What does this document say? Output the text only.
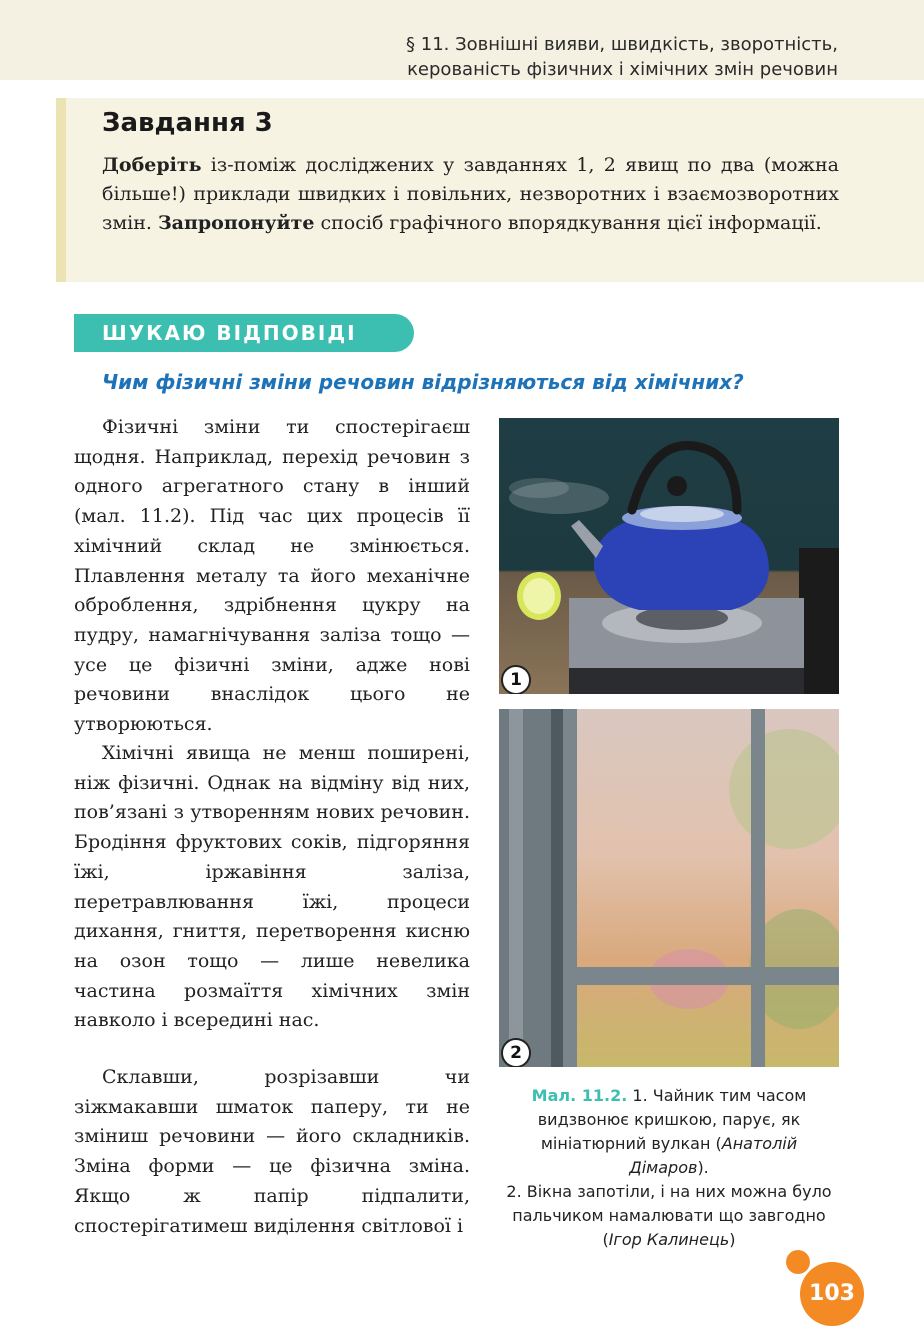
§ 11. Зовнішні вияви, швидкість, зворотність,
керованість фізичних і хімічних змін речовин
Завдання 3
Доберіть із-поміж досліджених у завданнях 1, 2 явищ по два (можна більше!) приклади швидких і повільних, незворотних і взаємозворотних змін. Запропонуйте спосіб графічного впорядкування цієї інформації.
ШУКАЮ ВІДПОВІДІ
Чим фізичні зміни речовин відрізняються від хімічних?

Фізичні зміни ти спостерігаєш щодня. Наприклад, перехід речовин з одного агрегатного стану в інший (мал. 11.2). Під час цих процесів її хімічний склад не змінюється. Плавлення металу та його механічне оброблення, здрібнення цукру на пудру, намагнічування заліза тощо — усе це фізичні зміни, адже нові речовини внаслідок цього не утворюються.

Хімічні явища не менш поширені, ніж фізичні. Однак на відміну від них, пов’язані з утворенням нових речовин. Бродіння фруктових соків, підгоряння їжі, іржавіння заліза, перетравлювання їжі, процеси дихання, гниття, перетворення кисню на озон тощо — лише невелика частина розмаїття хімічних змін навколо і всередині нас.

Склавши, розрізавши чи зіжмакавши шматок паперу, ти не зміниш речовини — його складників. Зміна форми — це фізична зміна. Якщо ж папір підпалити, спостерігатимеш виділення світлової і

1
2
Мал. 11.2. 1. Чайник тим часом видзвонює кришкою, парує, як мініатюрний вулкан (Анатолій Дімаров).
2. Вікна запотіли, і на них можна було пальчиком намалювати що завгодно (Ігор Калинець)
103
